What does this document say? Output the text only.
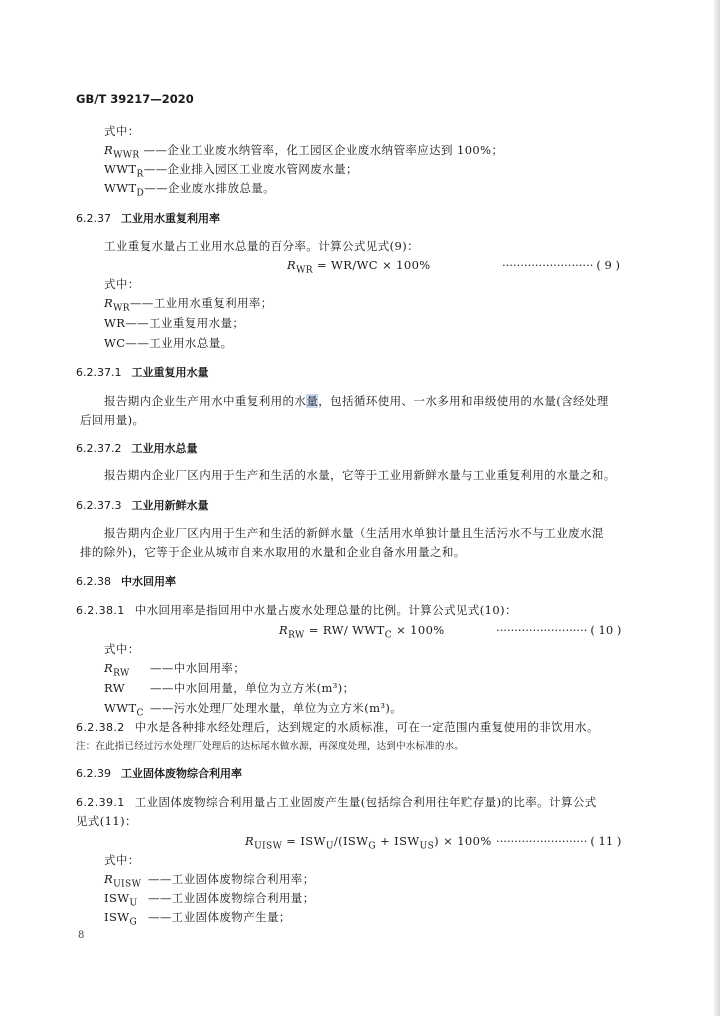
GB/T 39217—2020
式中：
$R_{WWR}$ ——企业工业废水纳管率，化工园区企业废水纳管率应达到 100%；
$WWT_R——$企业排入园区工业废水管网废水量；
$WWT_D——$企业废水排放总量。
6.2.37 工业用水重复利用率
工业重复水量占工业用水总量的百分率。计算公式见式(9)：
$R_{WR} = WR/WC \times 100\%$	························· ( 9 )
式中：
$R_{WR}——$工业用水重复利用率；
WR——工业重复用水量；
WC——工业用水总量。
6.2.37.1 工业重复用水量
报告期内企业生产用水中重复利用的水量，包括循环使用、一水多用和串级使用的水量(含经处理
后回用量)。
6.2.37.2 工业用水总量
报告期内企业厂区内用于生产和生活的水量，它等于工业用新鲜水量与工业重复利用的水量之和。
6.2.37.3 工业用新鲜水量
报告期内企业厂区内用于生产和生活的新鲜水量（生活用水单独计量且生活污水不与工业废水混
排的除外)，它等于企业从城市自来水取用的水量和企业自备水用量之和。
6.2.38 中水回用率
6.2.38.1 中水回用率是指回用中水量占废水处理总量的比例。计算公式见式(10)：
$R_{RW} = RW/$ $WWT_C \times 100\%$	························· ( 10 )
式中：
$R_{RW}$ ——中水回用率；
RW ——中水回用量，单位为立方米(m³)；
$WWT_C$ ——污水处理厂处理水量，单位为立方米(m³)。
6.2.38.2 中水是各种排水经处理后，达到规定的水质标准，可在一定范围内重复使用的非饮用水。
注：在此指已经过污水处理厂处理后的达标尾水做水源，再深度处理，达到中水标准的水。
6.2.39 工业固体废物综合利用率
6.2.39.1 工业固体废物综合利用量占工业固废产生量(包括综合利用往年贮存量)的比率。计算公式
见式(11)：
$R_{UISW} = ISW_U/(ISW_G + ISW_{US}) \times 100\%$ ························· ( 11 )
式中：
$R_{UISW}$ ——工业固体废物综合利用率；
$ISW_U$ ——工业固体废物综合利用量；
$ISW_G$ ——工业固体废物产生量；
8
